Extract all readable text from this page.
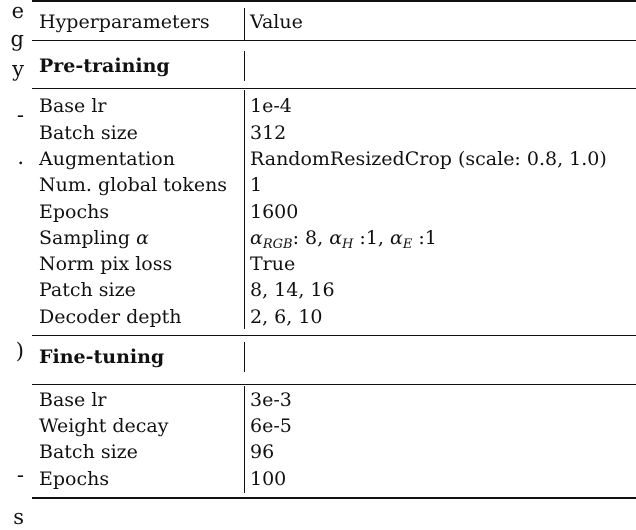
e
g
y
-
.
)
-
s
Hyperparameters Value
Pre-training
Base lr	1e-4
Batch size	312
Augmentation	RandomResizedCrop (scale: 0.8, 1.0)
Num. global tokens 1
Epochs	1600
Sampling α	$\alpha_{RGB}$: 8, $\alpha_H$ :1, $\alpha_E$ :1
Norm pix loss	True
Patch size	8, 14, 16
Decoder depth	2, 6, 10
Fine-tuning
Base lr	3e-3
Weight decay	6e-5
Batch size	96
Epochs	100
